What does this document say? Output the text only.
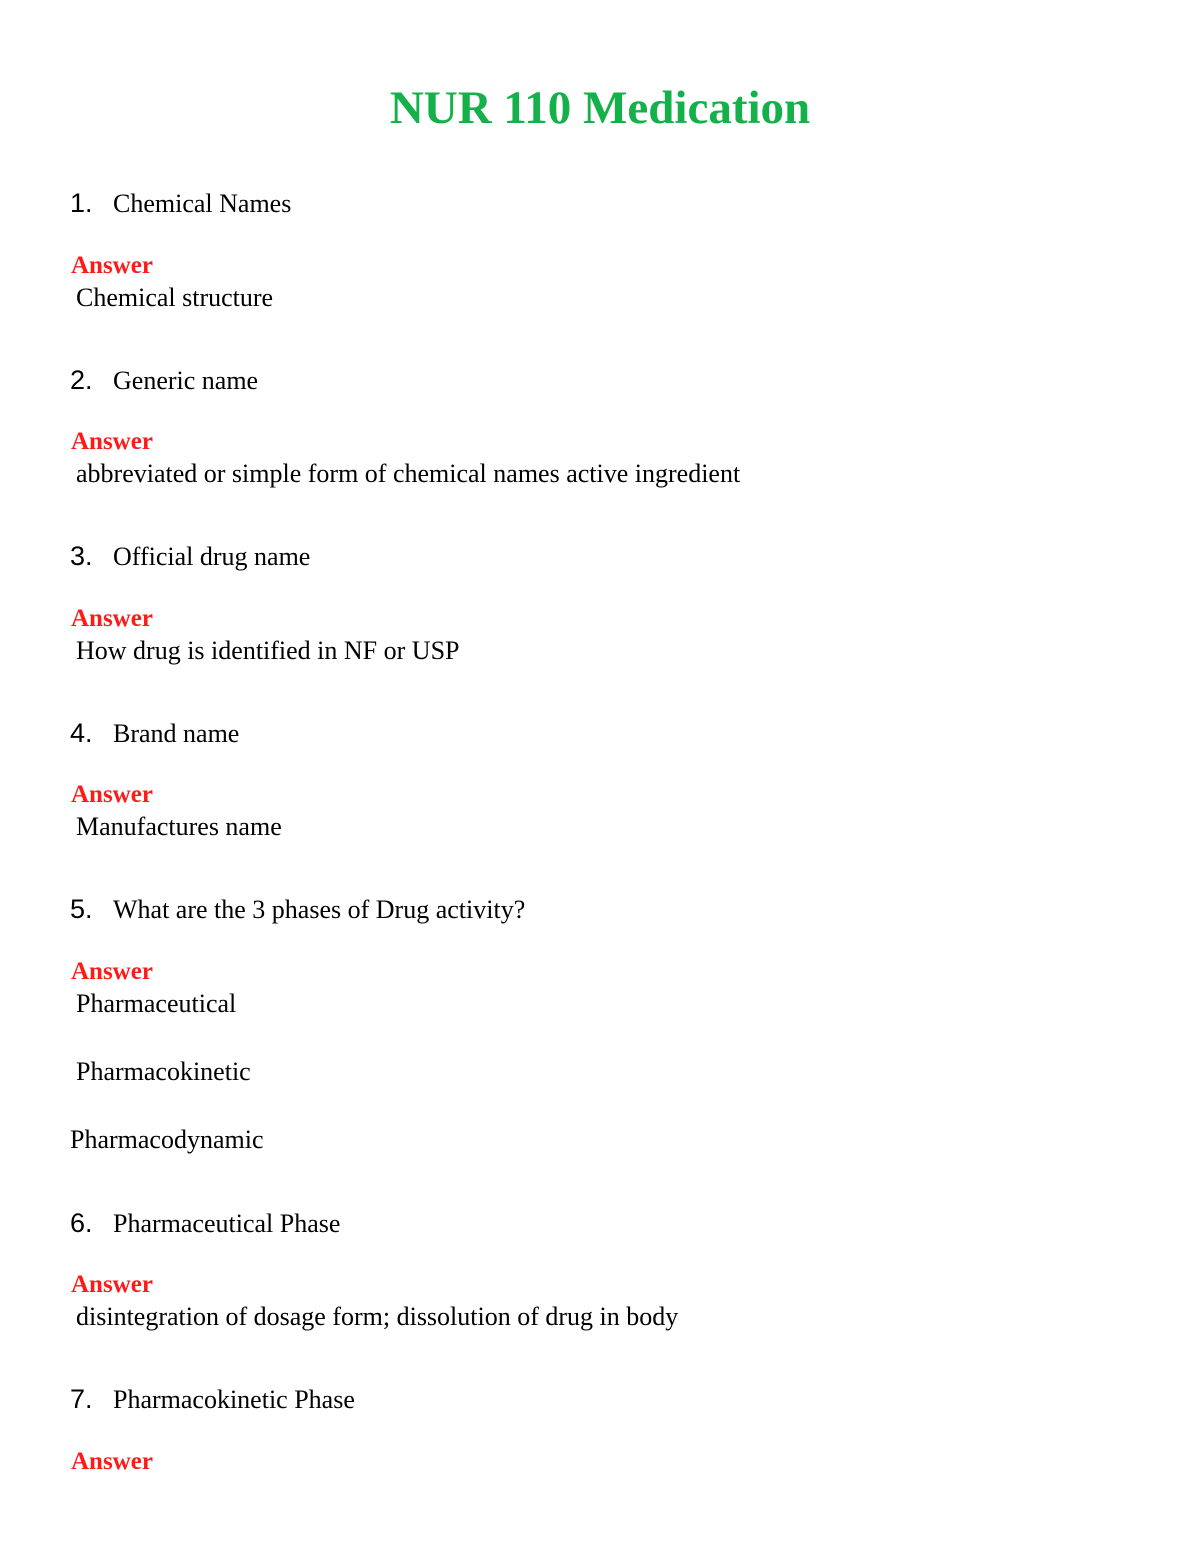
NUR 110 Medication
1. Chemical Names
Answer
Chemical structure
2. Generic name
Answer
abbreviated or simple form of chemical names active ingredient
3. Official drug name
Answer
How drug is identified in NF or USP
4. Brand name
Answer
Manufactures name
5. What are the 3 phases of Drug activity?
Answer
Pharmaceutical
Pharmacokinetic
Pharmacodynamic
6. Pharmaceutical Phase
Answer
disintegration of dosage form; dissolution of drug in body
7. Pharmacokinetic Phase
Answer
